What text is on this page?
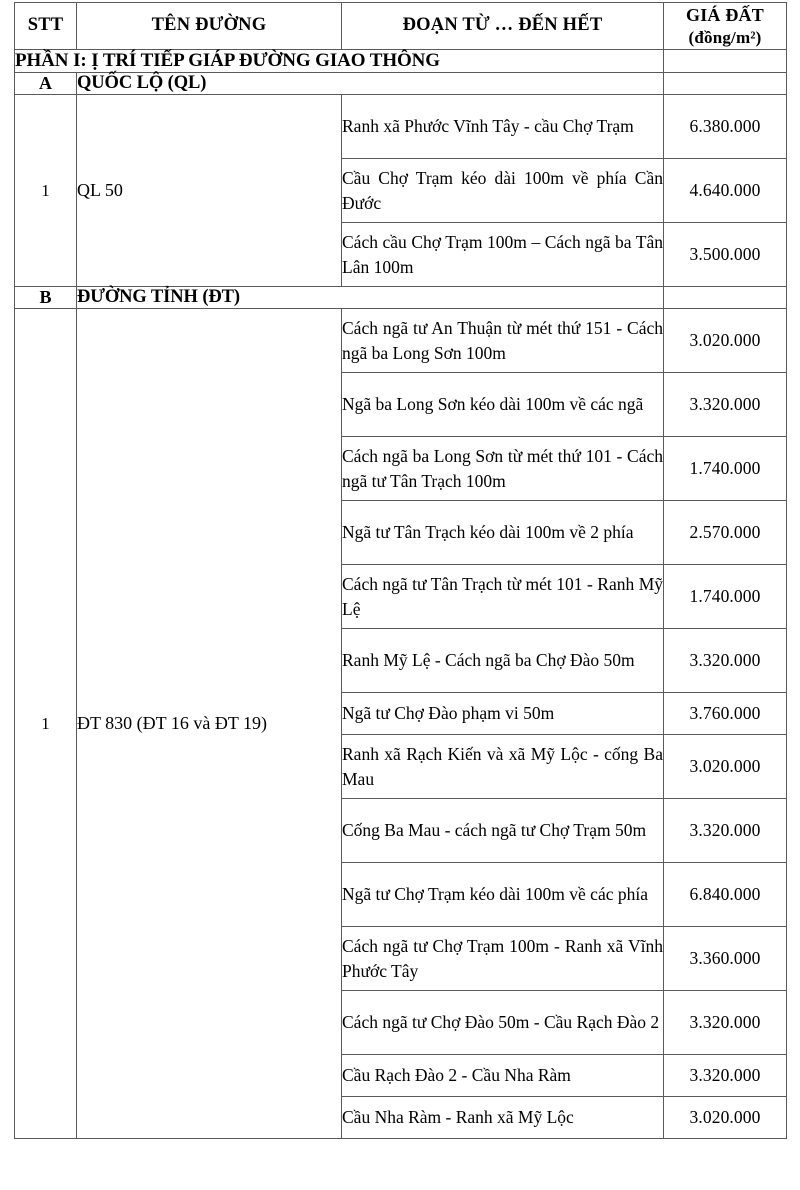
STT	TÊN ĐƯỜNG	ĐOẠN TỪ … ĐẾN HẾT	GIÁ ĐẤT
(đồng/m²)

PHẦN I: Ị TRÍ TIẾP GIÁP ĐƯỜNG GIAO THÔNG			
A	QUỐC LỘ (QL)		
1	QL 50	Ranh xã Phước Vĩnh Tây - cầu Chợ Trạm	6.380.000
		Cầu Chợ Trạm kéo dài 100m về phía Cần Đước	4.640.000
		Cách cầu Chợ Trạm 100m – Cách ngã ba Tân Lân 100m	3.500.000
B	ĐƯỜNG TỈNH (ĐT)		
1	ĐT 830 (ĐT 16 và ĐT 19)	Cách ngã tư An Thuận từ mét thứ 151 - Cách ngã ba Long Sơn 100m	3.020.000
		Ngã ba Long Sơn kéo dài 100m về các ngã	3.320.000
		Cách ngã ba Long Sơn từ mét thứ 101 - Cách ngã tư Tân Trạch 100m	1.740.000
		Ngã tư Tân Trạch kéo dài 100m về 2 phía	2.570.000
		Cách ngã tư Tân Trạch từ mét 101 - Ranh Mỹ Lệ	1.740.000
		Ranh Mỹ Lệ - Cách ngã ba Chợ Đào 50m	3.320.000
		Ngã tư Chợ Đào phạm vi 50m	3.760.000
		Ranh xã Rạch Kiến và xã Mỹ Lộc - cống Ba Mau	3.020.000
		Cống Ba Mau - cách ngã tư Chợ Trạm 50m	3.320.000
		Ngã tư Chợ Trạm kéo dài 100m về các phía	6.840.000
		Cách ngã tư Chợ Trạm 100m - Ranh xã Vĩnh Phước Tây	3.360.000
		Cách ngã tư Chợ Đào 50m - Cầu Rạch Đào 2	3.320.000
		Cầu Rạch Đào 2 - Cầu Nha Ràm	3.320.000
		Cầu Nha Ràm - Ranh xã Mỹ Lộc	3.020.000
